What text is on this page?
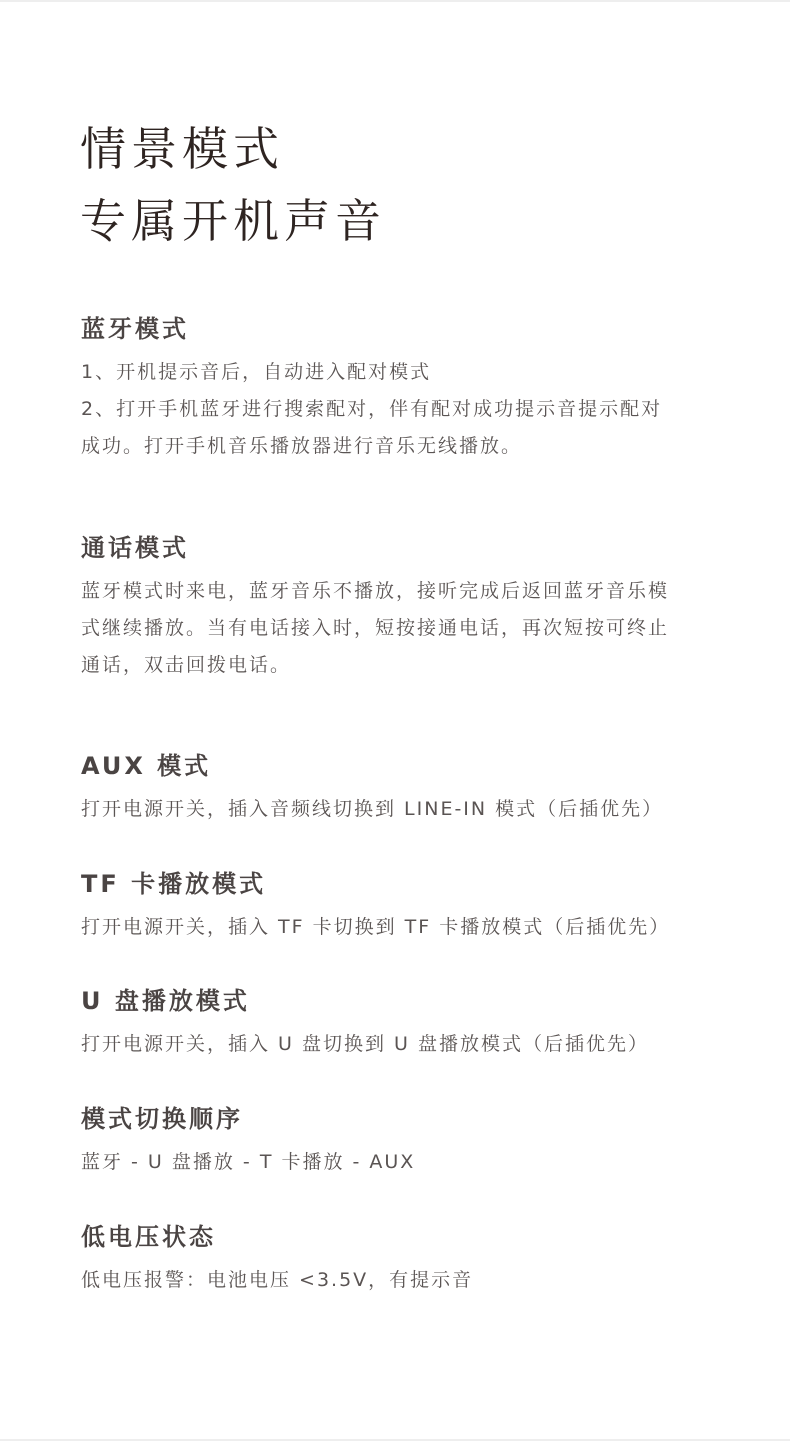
情景模式
专属开机声音
蓝牙模式
1、开机提示音后，自动进入配对模式
2、打开手机蓝牙进行搜索配对，伴有配对成功提示音提示配对
成功。打开手机音乐播放器进行音乐无线播放。
通话模式
蓝牙模式时来电，蓝牙音乐不播放，接听完成后返回蓝牙音乐模
式继续播放。当有电话接入时，短按接通电话，再次短按可终止
通话，双击回拨电话。
AUX 模式
打开电源开关，插入音频线切换到 LINE-IN 模式（后插优先）
TF 卡播放模式
打开电源开关，插入 TF 卡切换到 TF 卡播放模式（后插优先）
U 盘播放模式
打开电源开关，插入 U 盘切换到 U 盘播放模式（后插优先）
模式切换顺序
蓝牙 - U 盘播放 - T 卡播放 - AUX
低电压状态
低电压报警：电池电压 <3.5V，有提示音
